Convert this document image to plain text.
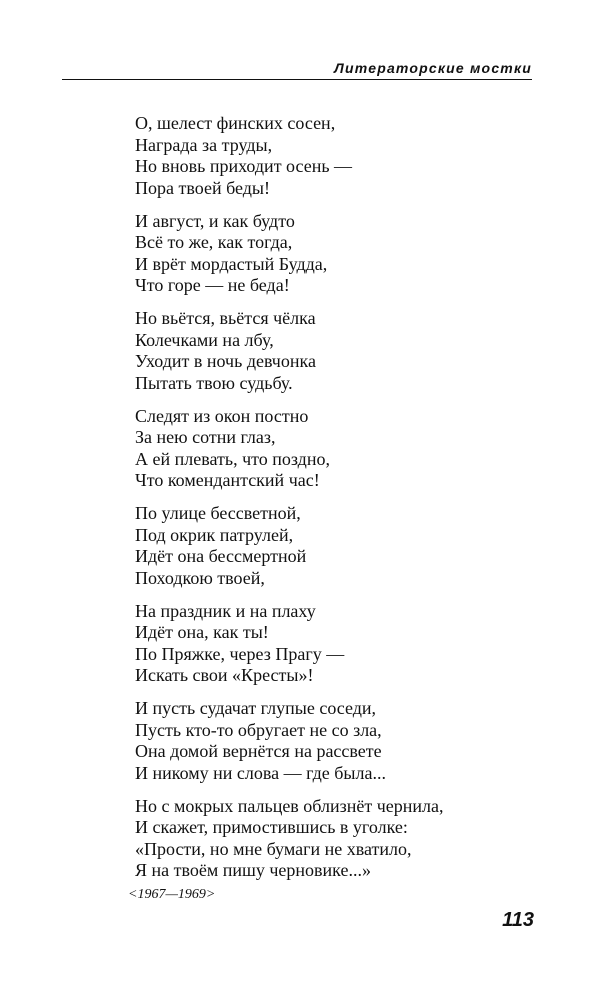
Литераторские мостки
О, шелест финских сосен,
Награда за труды,
Но вновь приходит осень —
Пора твоей беды!
И август, и как будто
Всё то же, как тогда,
И врёт мордастый Будда,
Что горе — не беда!
Но вьётся, вьётся чёлка
Колечками на лбу,
Уходит в ночь девчонка
Пытать твою судьбу.
Следят из окон постно
За нею сотни глаз,
А ей плевать, что поздно,
Что комендантский час!
По улице бессветной,
Под окрик патрулей,
Идёт она бессмертной
Походкою твоей,
На праздник и на плаху
Идёт она, как ты!
По Пряжке, через Прагу —
Искать свои «Кресты»!
И пусть судачат глупые соседи,
Пусть кто-то обругает не со зла,
Она домой вернётся на рассвете
И никому ни слова — где была...
Но с мокрых пальцев облизнёт чернила,
И скажет, примостившись в уголке:
«Прости, но мне бумаги не хватило,
Я на твоём пишу черновике...»
<1967—1969>
113
